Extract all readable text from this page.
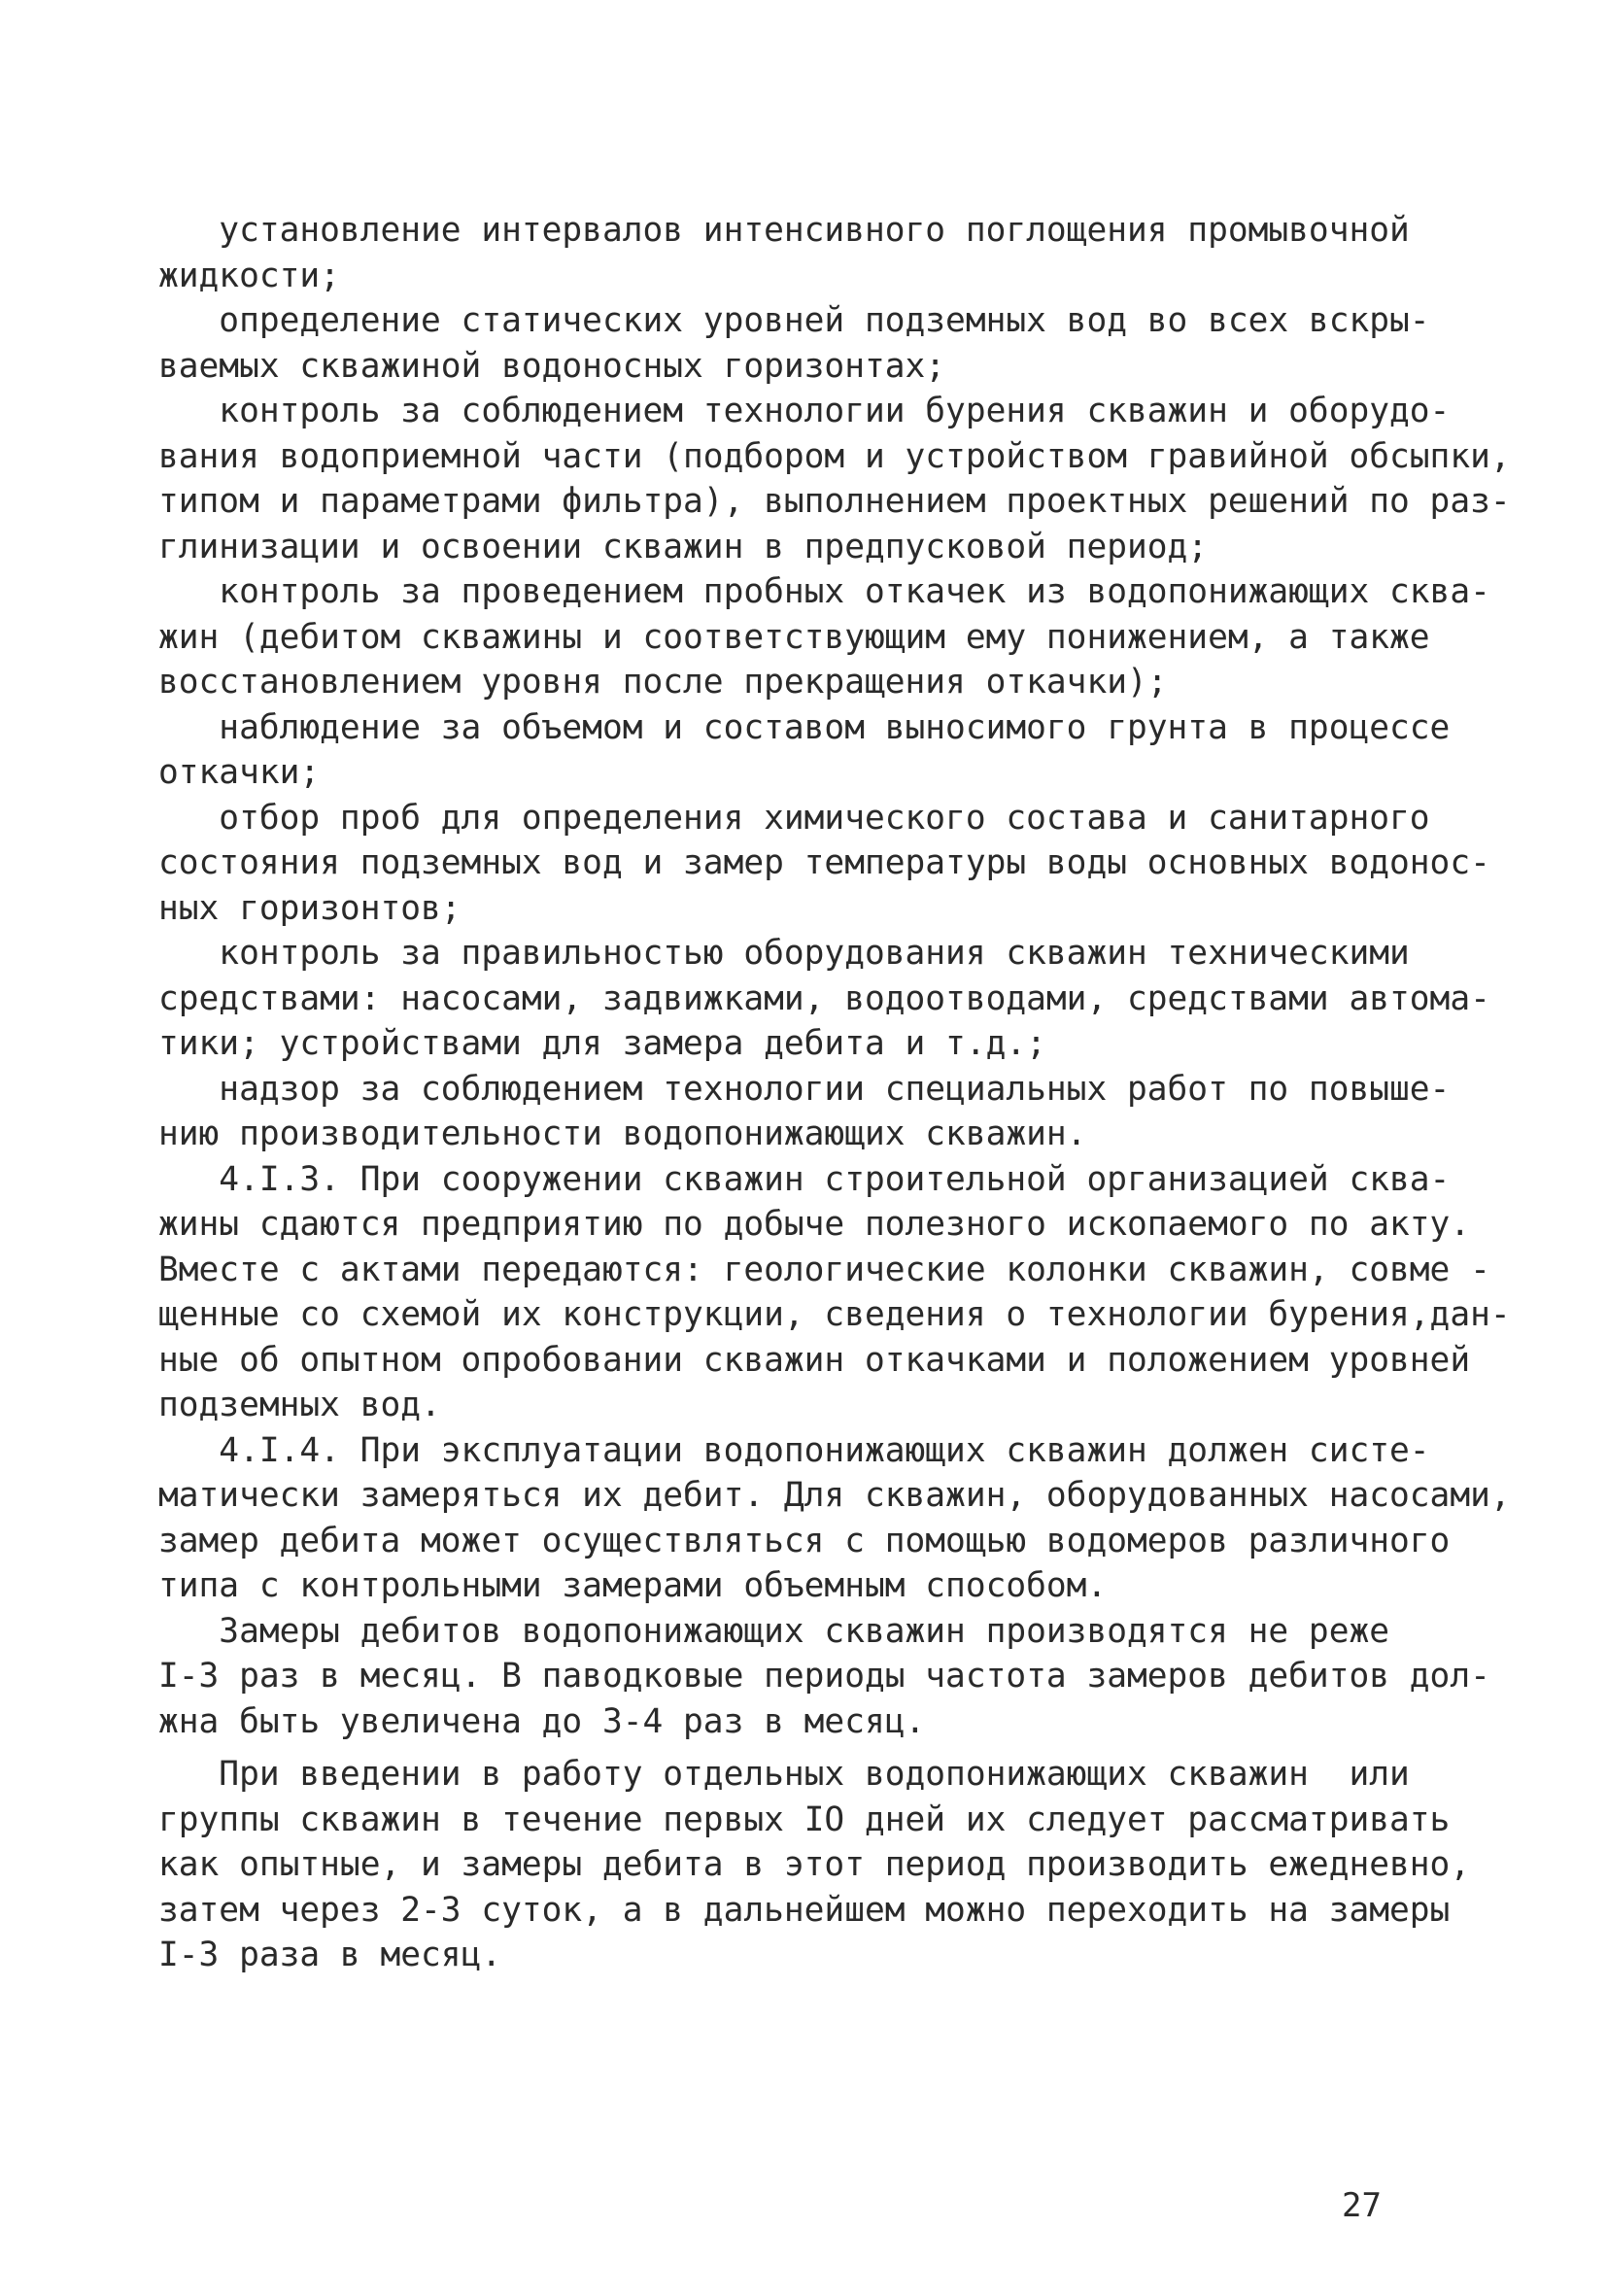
установление интервалов интенсивного поглощения промывочной
жидкости;
определение статических уровней подземных вод во всех вскры-
ваемых скважиной водоносных горизонтах;
контроль за соблюдением технологии бурения скважин и оборудо-
вания водоприемной части (подбором и устройством гравийной обсыпки,
типом и параметрами фильтра), выполнением проектных решений по раз-
глинизации и освоении скважин в предпусковой период;
контроль за проведением пробных откачек из водопонижающих сква-
жин (дебитом скважины и соответствующим ему понижением, а также
восстановлением уровня после прекращения откачки);
наблюдение за объемом и составом выносимого грунта в процессе
откачки;
отбор проб для определения химического состава и санитарного
состояния подземных вод и замер температуры воды основных водонос-
ных горизонтов;
контроль за правильностью оборудования скважин техническими
средствами: насосами, задвижками, водоотводами, средствами автома-
тики; устройствами для замера дебита и т.д.;
надзор за соблюдением технологии специальных работ по повыше-
нию производительности водопонижающих скважин.
4.I.3. При сооружении скважин строительной организацией сква-
жины сдаются предприятию по добыче полезного ископаемого по акту.
Вместе с актами передаются: геологические колонки скважин, совме -
щенные со схемой их конструкции, сведения о технологии бурения,дан-
ные об опытном опробовании скважин откачками и положением уровней
подземных вод.
4.I.4. При эксплуатации водопонижающих скважин должен систе-
матически замеряться их дебит. Для скважин, оборудованных насосами,
замер дебита может осуществляться с помощью водомеров различного
типа с контрольными замерами объемным способом.
Замеры дебитов водопонижающих скважин производятся не реже
I-3 раз в месяц. В паводковые периоды частота замеров дебитов дол-
жна быть увеличена до 3-4 раз в месяц.
При введении в работу отдельных водопонижающих скважин  или
группы скважин в течение первых IO дней их следует рассматривать
как опытные, и замеры дебита в этот период производить ежедневно,
затем через 2-3 суток, а в дальнейшем можно переходить на замеры
I-3 раза в месяц.
27
